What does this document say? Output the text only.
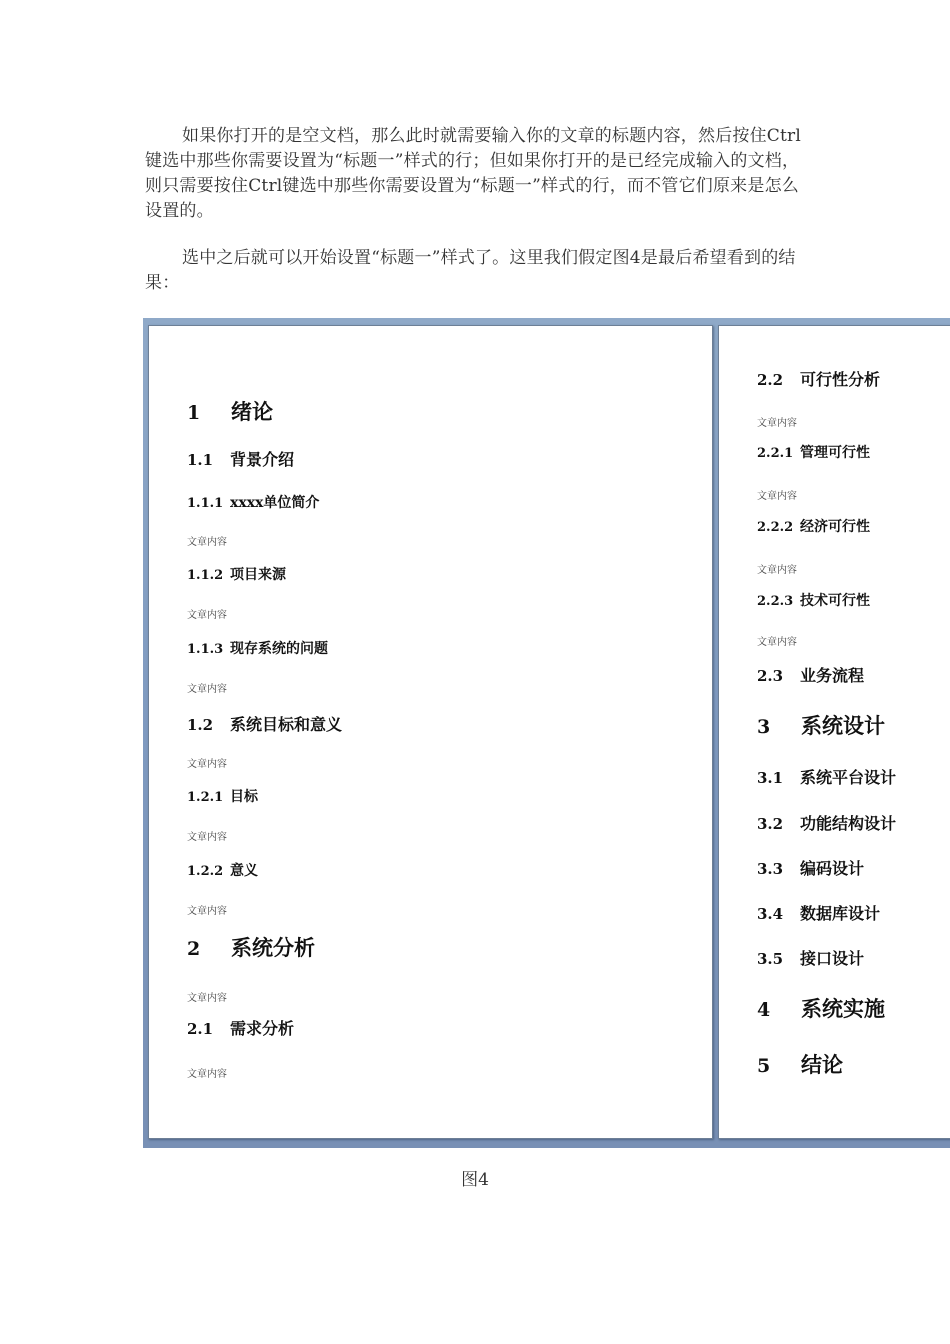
如果你打开的是空文档，那么此时就需要输入你的文章的标题内容，然后按住Ctrl键选中那些你需要设置为“标题一”样式的行；但如果你打开的是已经完成输入的文档，则只需要按住Ctrl键选中那些你需要设置为“标题一”样式的行，而不管它们原来是怎么设置的。

选中之后就可以开始设置“标题一”样式了。这里我们假定图4是最后希望看到的结果：

1 绪论
1.1 背景介绍
1.1.1 xxxx单位简介
文章内容
1.1.2 项目来源
文章内容
1.1.3 现存系统的问题
文章内容
1.2 系统目标和意义
文章内容
1.2.1 目标
文章内容
1.2.2 意义
文章内容
2 系统分析
文章内容
2.1 需求分析
文章内容
2.2 可行性分析
文章内容
2.2.1 管理可行性
文章内容
2.2.2 经济可行性
文章内容
2.2.3 技术可行性
文章内容
2.3 业务流程
3 系统设计
3.1 系统平台设计
3.2 功能结构设计
3.3 编码设计
3.4 数据库设计
3.5 接口设计
4 系统实施
5 结论
图4
